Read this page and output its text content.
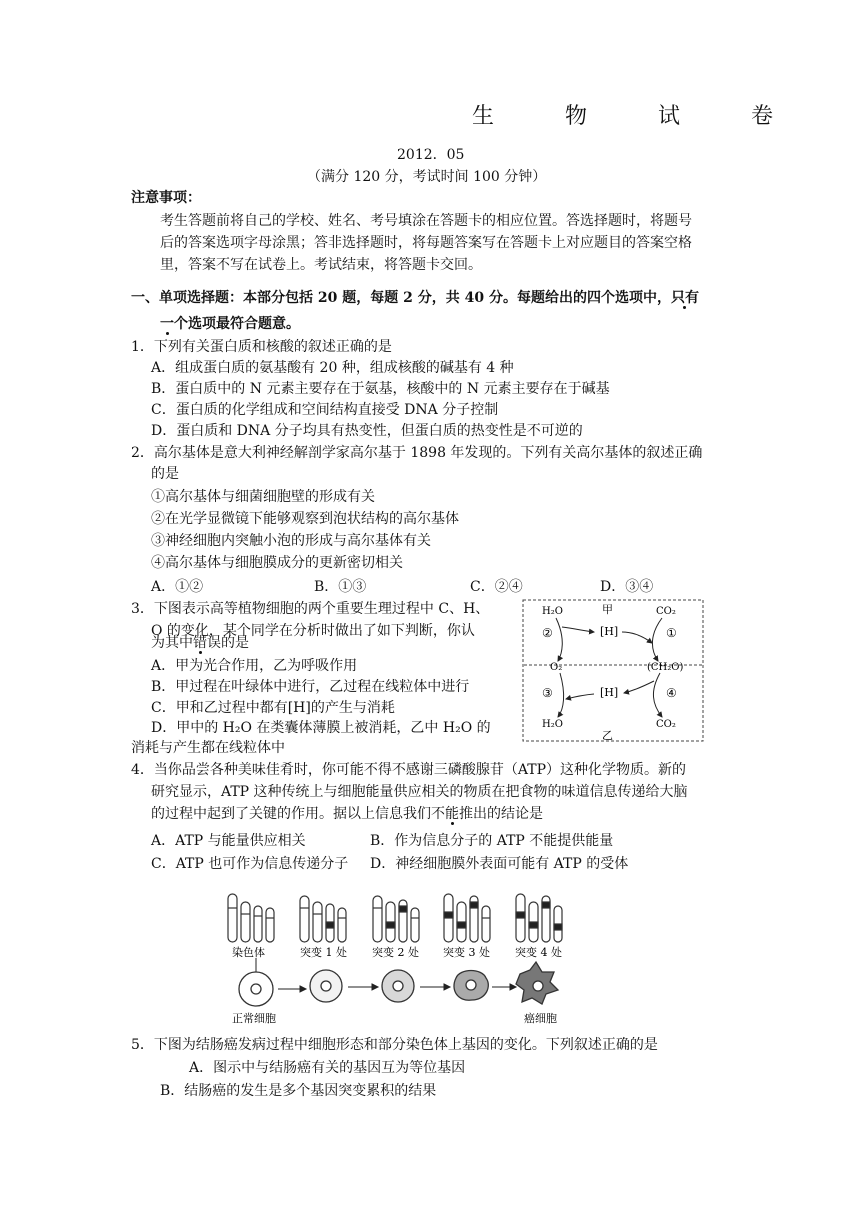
生 物 试 卷
2012．05
（满分 120 分，考试时间 100 分钟）
注意事项：
考生答题前将自己的学校、姓名、考号填涂在答题卡的相应位置。答选择题时，将题号
后的答案选项字母涂黑；答非选择题时，将每题答案写在答题卡上对应题目的答案空格
里，答案不写在试卷上。考试结束，将答题卡交回。
一、单项选择题：本部分包括 20 题，每题 2 分，共 40 分。每题给出的四个选项中，只有
一个选项最符合题意。
1．下列有关蛋白质和核酸的叙述正确的是
A．组成蛋白质的氨基酸有 20 种，组成核酸的碱基有 4 种
B．蛋白质中的 N 元素主要存在于氨基，核酸中的 N 元素主要存在于碱基
C．蛋白质的化学组成和空间结构直接受 DNA 分子控制
D．蛋白质和 DNA 分子均具有热变性，但蛋白质的热变性是不可逆的
2．高尔基体是意大利神经解剖学家高尔基于 1898 年发现的。下列有关高尔基体的叙述正确
的是
①高尔基体与细菌细胞壁的形成有关
②在光学显微镜下能够观察到泡状结构的高尔基体
③神经细胞内突触小泡的形成与高尔基体有关
④高尔基体与细胞膜成分的更新密切相关
A．①②	B．①③	C．②④	D．③④
3．下图表示高等植物细胞的两个重要生理过程中 C、H、
O 的变化，某个同学在分析时做出了如下判断，你认
为其中错误的是
A．甲为光合作用，乙为呼吸作用
B．甲过程在叶绿体中进行，乙过程在线粒体中进行
C．甲和乙过程中都有[H]的产生与消耗
D．甲中的 H₂O 在类囊体薄膜上被消耗，乙中 H₂O 的
消耗与产生都在线粒体中
H₂O	甲	CO₂
②	①
[H]
O₂	(CH₂O)
③	④
[H]
H₂O	CO₂
乙
4．当你品尝各种美味佳肴时，你可能不得不感谢三磷酸腺苷（ATP）这种化学物质。新的
研究显示，ATP 这种传统上与细胞能量供应相关的物质在把食物的味道信息传递给大脑
的过程中起到了关键的作用。据以上信息我们不能推出的结论是
A．ATP 与能量供应相关	B．作为信息分子的 ATP 不能提供能量
C．ATP 也可作为信息传递分子 D．神经细胞膜外表面可能有 ATP 的受体
染色体	突变 1 处 突变 2 处 突变 3 处 突变 4 处
正常细胞	癌细胞
5．下图为结肠癌发病过程中细胞形态和部分染色体上基因的变化。下列叙述正确的是
A．图示中与结肠癌有关的基因互为等位基因
B．结肠癌的发生是多个基因突变累积的结果
